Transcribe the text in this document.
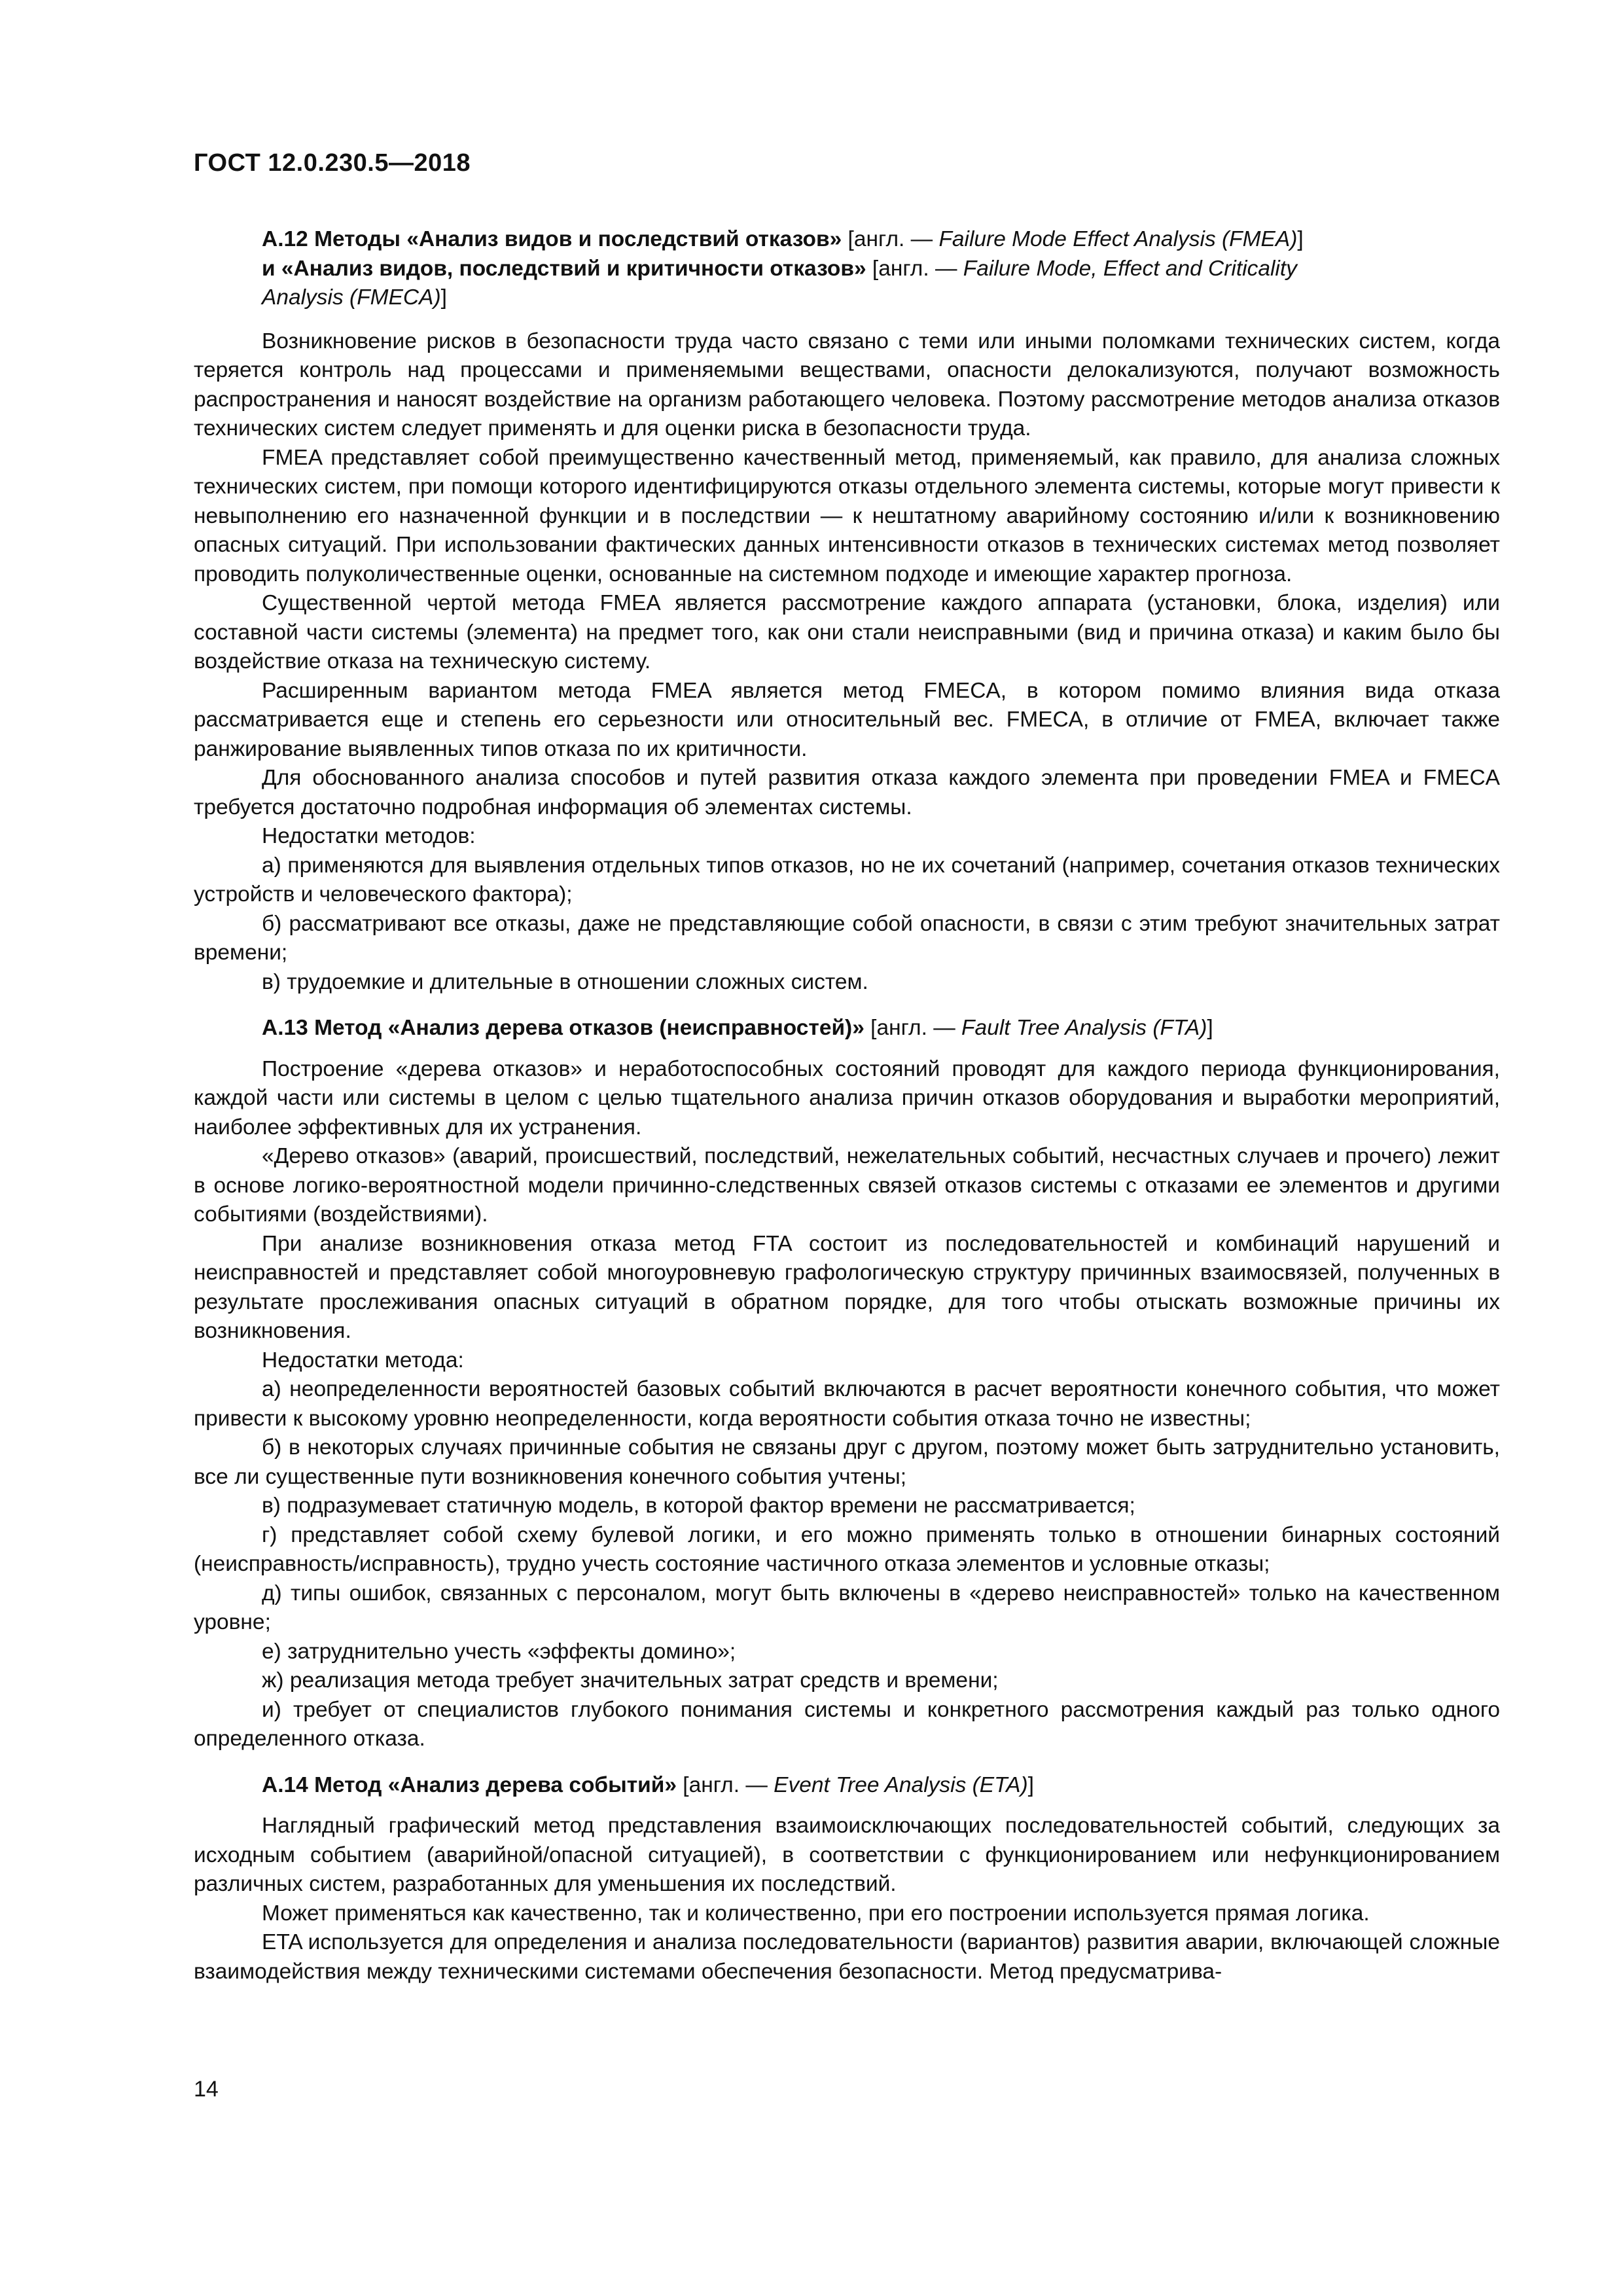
ГОСТ 12.0.230.5—2018
А.12 Методы «Анализ видов и последствий отказов» [англ. — Failure Mode Effect Analysis (FMEA)]
и «Анализ видов, последствий и критичности отказов» [англ. — Failure Mode, Effect and Criticality
Analysis (FMECA)]

Возникновение рисков в безопасности труда часто связано с теми или иными поломками технических систем, когда теряется контроль над процессами и применяемыми веществами, опасности делокализуются, получают возможность распространения и наносят воздействие на организм работающего человека. Поэтому рассмотрение методов анализа отказов технических систем следует применять и для оценки риска в безопасности труда.

FMEA представляет собой преимущественно качественный метод, применяемый, как правило, для анализа сложных технических систем, при помощи которого идентифицируются отказы отдельного элемента системы, которые могут привести к невыполнению его назначенной функции и в последствии — к нештатному аварийному состоянию и/или к возникновению опасных ситуаций. При использовании фактических данных интенсивности отказов в технических системах метод позволяет проводить полуколичественные оценки, основанные на системном подходе и имеющие характер прогноза.

Существенной чертой метода FMEA является рассмотрение каждого аппарата (установки, блока, изделия) или составной части системы (элемента) на предмет того, как они стали неисправными (вид и причина отказа) и каким было бы воздействие отказа на техническую систему.

Расширенным вариантом метода FMEA является метод FMECA, в котором помимо влияния вида отказа рассматривается еще и степень его серьезности или относительный вес. FMECA, в отличие от FMEA, включает также ранжирование выявленных типов отказа по их критичности.

Для обоснованного анализа способов и путей развития отказа каждого элемента при проведении FMEA и FMECA требуется достаточно подробная информация об элементах системы.

Недостатки методов:

а) применяются для выявления отдельных типов отказов, но не их сочетаний (например, сочетания отказов технических устройств и человеческого фактора);

б) рассматривают все отказы, даже не представляющие собой опасности, в связи с этим требуют значительных затрат времени;

в) трудоемкие и длительные в отношении сложных систем.

А.13 Метод «Анализ дерева отказов (неисправностей)» [англ. — Fault Tree Analysis (FTA)]

Построение «дерева отказов» и неработоспособных состояний проводят для каждого периода функционирования, каждой части или системы в целом с целью тщательного анализа причин отказов оборудования и выработки мероприятий, наиболее эффективных для их устранения.

«Дерево отказов» (аварий, происшествий, последствий, нежелательных событий, несчастных случаев и прочего) лежит в основе логико-вероятностной модели причинно-следственных связей отказов системы с отказами ее элементов и другими событиями (воздействиями).

При анализе возникновения отказа метод FTA состоит из последовательностей и комбинаций нарушений и неисправностей и представляет собой многоуровневую графологическую структуру причинных взаимосвязей, полученных в результате прослеживания опасных ситуаций в обратном порядке, для того чтобы отыскать возможные причины их возникновения.

Недостатки метода:

а) неопределенности вероятностей базовых событий включаются в расчет вероятности конечного события, что может привести к высокому уровню неопределенности, когда вероятности события отказа точно не известны;

б) в некоторых случаях причинные события не связаны друг с другом, поэтому может быть затруднительно установить, все ли существенные пути возникновения конечного события учтены;

в) подразумевает статичную модель, в которой фактор времени не рассматривается;

г) представляет собой схему булевой логики, и его можно применять только в отношении бинарных состояний (неисправность/исправность), трудно учесть состояние частичного отказа элементов и условные отказы;

д) типы ошибок, связанных с персоналом, могут быть включены в «дерево неисправностей» только на качественном уровне;

е) затруднительно учесть «эффекты домино»;

ж) реализация метода требует значительных затрат средств и времени;

и) требует от специалистов глубокого понимания системы и конкретного рассмотрения каждый раз только одного определенного отказа.

А.14 Метод «Анализ дерева событий» [англ. — Event Tree Analysis (ETA)]

Наглядный графический метод представления взаимоисключающих последовательностей событий, следующих за исходным событием (аварийной/опасной ситуацией), в соответствии с функционированием или нефункционированием различных систем, разработанных для уменьшения их последствий.

Может применяться как качественно, так и количественно, при его построении используется прямая логика.

ETA используется для определения и анализа последовательности (вариантов) развития аварии, включающей сложные взаимодействия между техническими системами обеспечения безопасности. Метод предусматрива-

14
